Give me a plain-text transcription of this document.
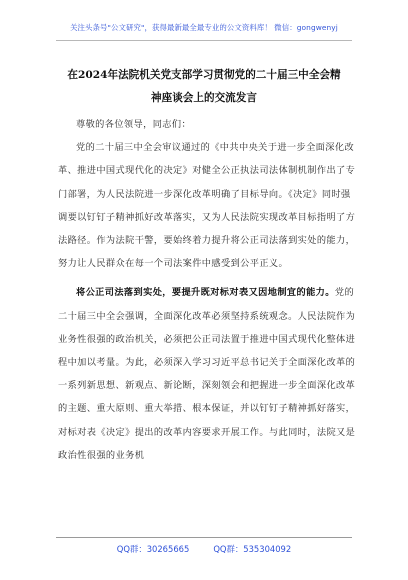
关注头条号"公文研究"，获得最新最全最专业的公文资料库！ 微信：gongwenyj
在2024年法院机关党支部学习贯彻党的二十届三中全会精
神座谈会上的交流发言

尊敬的各位领导，同志们：

党的二十届三中全会审议通过的《中共中央关于进一步全面深化改革、推进中国式现代化的决定》对健全公正执法司法体制机制作出了专门部署，为人民法院进一步深化改革明确了目标导向。《决定》同时强调要以钉钉子精神抓好改革落实，又为人民法院实现改革目标指明了方法路径。作为法院干警，要始终着力提升将公正司法落到实处的能力，努力让人民群众在每一个司法案件中感受到公平正义。

将公正司法落到实处，要提升既对标对表又因地制宜的能力。党的二十届三中全会强调，全面深化改革必须坚持系统观念。人民法院作为业务性很强的政治机关，必须把公正司法置于推进中国式现代化整体进程中加以考量。为此，必须深入学习习近平总书记关于全面深化改革的一系列新思想、新观点、新论断，深刻领会和把握进一步全面深化改革的主题、重大原则、重大举措、根本保证，并以钉钉子精神抓好落实，对标对表《决定》提出的改革内容要求开展工作。与此同时，法院又是政治性很强的业务机

QQ群：30265665	QQ群：535304092
